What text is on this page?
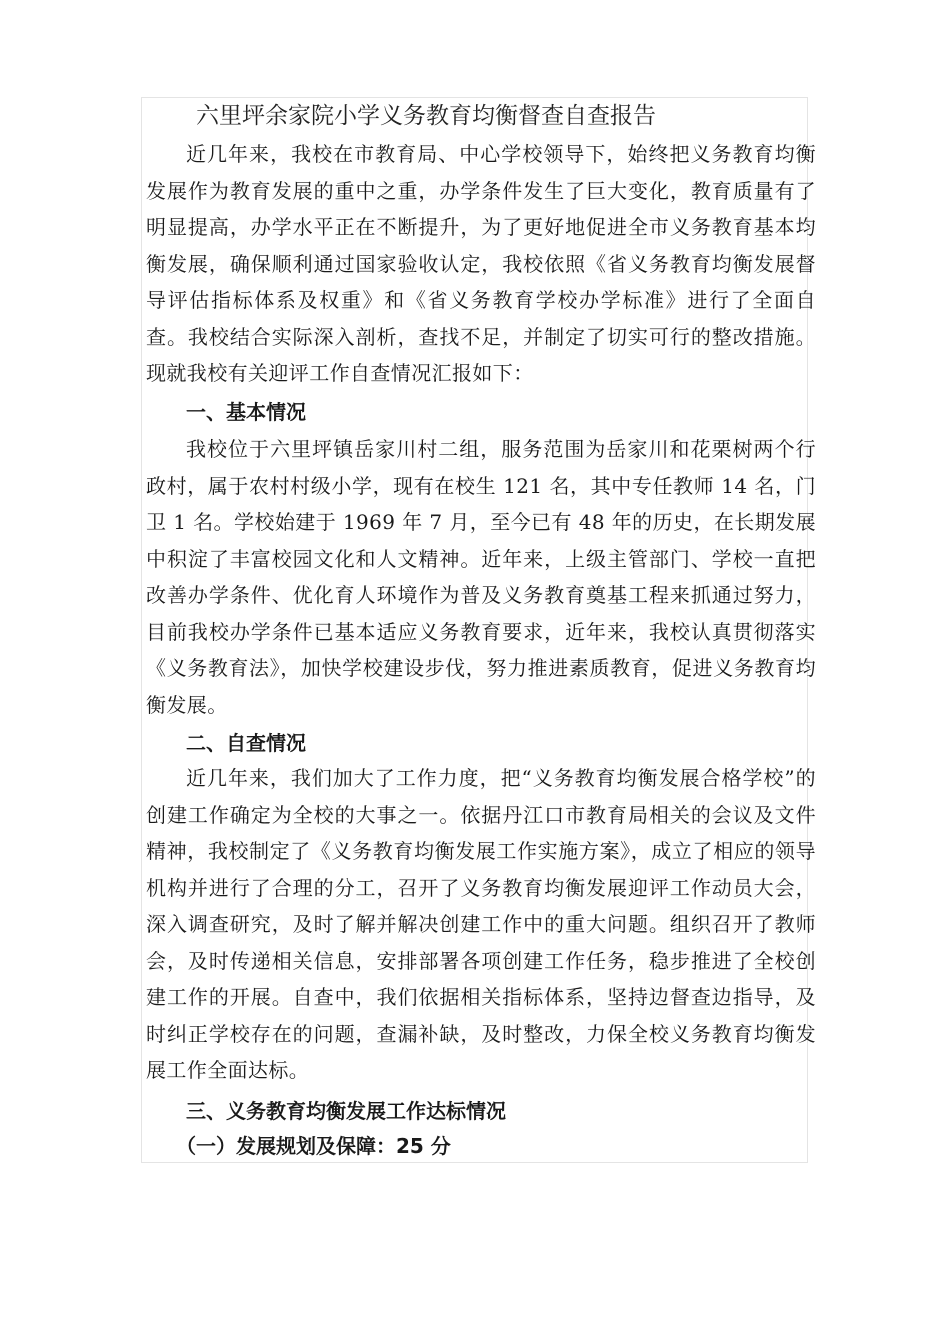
六里坪余家院小学义务教育均衡督查自查报告

近几年来，我校在市教育局、中心学校领导下，始终把义务教育均衡发展作为教育发展的重中之重，办学条件发生了巨大变化，教育质量有了明显提高，办学水平正在不断提升，为了更好地促进全市义务教育基本均衡发展，确保顺利通过国家验收认定，我校依照《省义务教育均衡发展督导评估指标体系及权重》和《省义务教育学校办学标准》进行了全面自查。我校结合实际深入剖析，查找不足，并制定了切实可行的整改措施。现就我校有关迎评工作自查情况汇报如下：

一、基本情况

我校位于六里坪镇岳家川村二组，服务范围为岳家川和花栗树两个行政村，属于农村村级小学，现有在校生 121 名，其中专任教师 14 名，门卫 1 名。学校始建于 1969 年 7 月，至今已有 48 年的历史，在长期发展中积淀了丰富校园文化和人文精神。近年来，上级主管部门、学校一直把改善办学条件、优化育人环境作为普及义务教育奠基工程来抓通过努力，目前我校办学条件已基本适应义务教育要求，近年来，我校认真贯彻落实《义务教育法》，加快学校建设步伐，努力推进素质教育，促进义务教育均衡发展。

二、自查情况

近几年来，我们加大了工作力度，把“义务教育均衡发展合格学校”的创建工作确定为全校的大事之一。依据丹江口市教育局相关的会议及文件精神，我校制定了《义务教育均衡发展工作实施方案》，成立了相应的领导机构并进行了合理的分工，召开了义务教育均衡发展迎评工作动员大会，深入调查研究，及时了解并解决创建工作中的重大问题。组织召开了教师会，及时传递相关信息，安排部署各项创建工作任务，稳步推进了全校创建工作的开展。自查中，我们依据相关指标体系，坚持边督查边指导，及时纠正学校存在的问题，查漏补缺，及时整改，力保全校义务教育均衡发展工作全面达标。

三、义务教育均衡发展工作达标情况
（一）发展规划及保障：25 分
